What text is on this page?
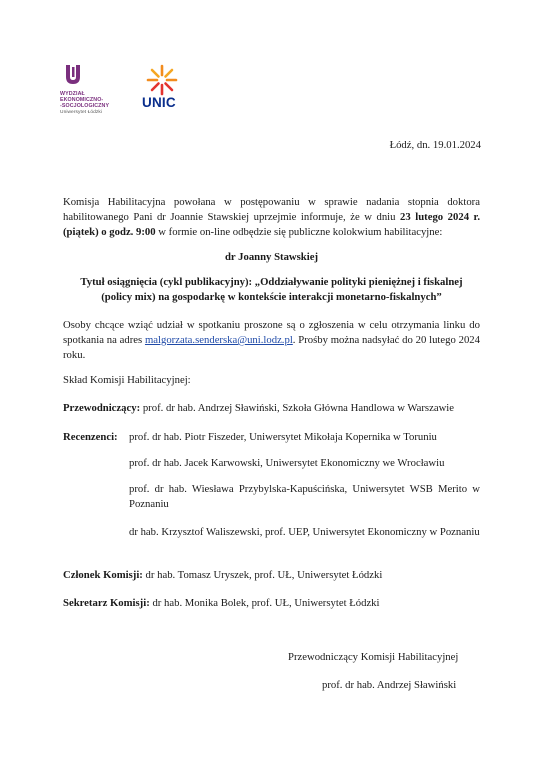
WYDZIAŁ
EKONOMICZNO-
-SOCJOLOGICZNY
Uniwersytet Łódzki
UNIC
Łódź, dn. 19.01.2024
Komisja Habilitacyjna powołana w postępowaniu w sprawie nadania stopnia doktora habilitowanego Pani dr Joannie Stawskiej uprzejmie informuje, że w dniu 23 lutego 2024 r. (piątek) o godz. 9:00 w formie on-line odbędzie się publiczne kolokwium habilitacyjne:
dr Joanny Stawskiej
Tytuł osiągnięcia (cykl publikacyjny): „Oddziaływanie polityki pieniężnej i fiskalnej
(policy mix) na gospodarkę w kontekście interakcji monetarno-fiskalnych”
Osoby chcące wziąć udział w spotkaniu proszone są o zgłoszenia w celu otrzymania linku do spotkania na adres malgorzata.senderska@uni.lodz.pl. Prośby można nadsyłać do 20 lutego 2024 roku.
Skład Komisji Habilitacyjnej:
Przewodniczący: prof. dr hab. Andrzej Sławiński, Szkoła Główna Handlowa w Warszawie
Recenzenci: prof. dr hab. Piotr Fiszeder, Uniwersytet Mikołaja Kopernika w Toruniu
prof. dr hab. Jacek Karwowski, Uniwersytet Ekonomiczny we Wrocławiu
prof. dr hab. Wiesława Przybylska-Kapuścińska, Uniwersytet WSB Merito w Poznaniu
dr hab. Krzysztof Waliszewski, prof. UEP, Uniwersytet Ekonomiczny w Poznaniu
Członek Komisji: dr hab. Tomasz Uryszek, prof. UŁ, Uniwersytet Łódzki
Sekretarz Komisji: dr hab. Monika Bolek, prof. UŁ, Uniwersytet Łódzki
Przewodniczący Komisji Habilitacyjnej
prof. dr hab. Andrzej Sławiński
